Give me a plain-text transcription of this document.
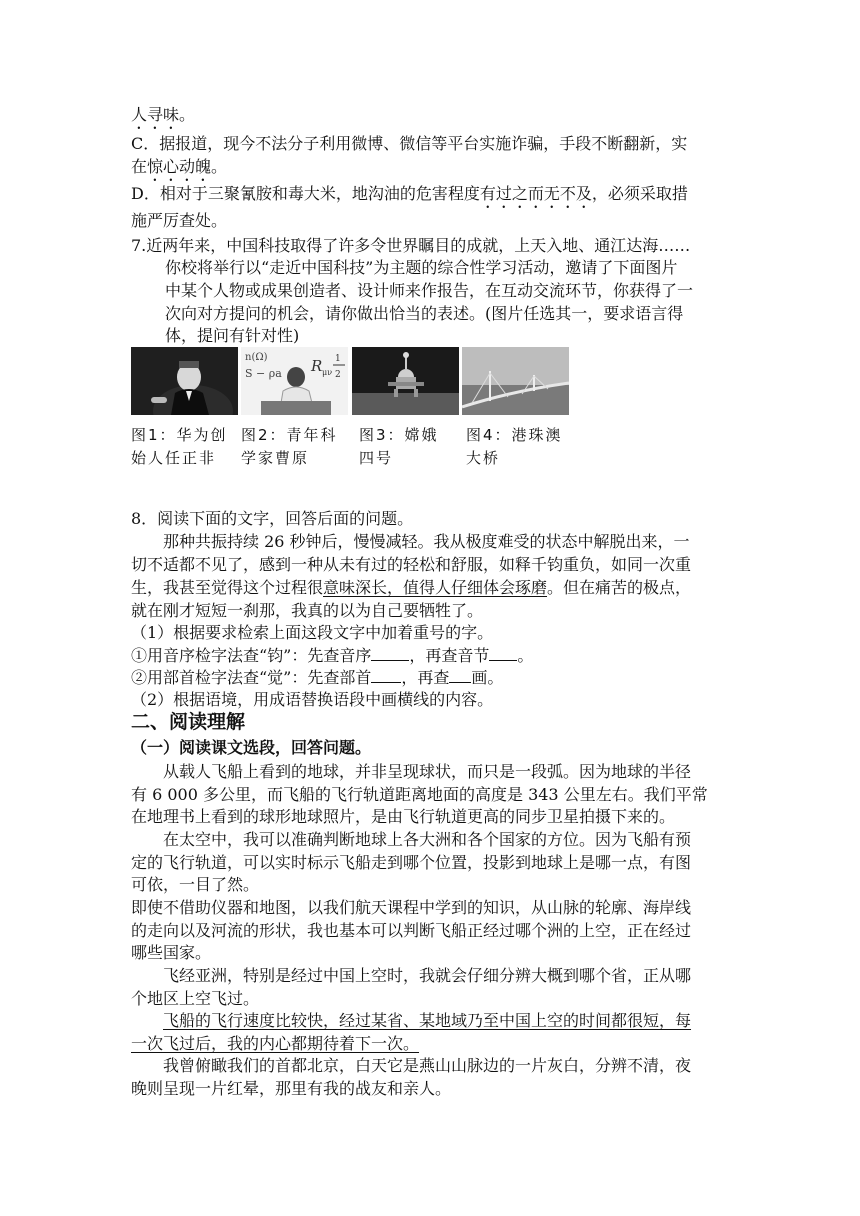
人寻味。
C．据报道，现今不法分子利用微博、微信等平台实施诈骗，手段不断翻新，实
在惊心动魄。
D．相对于三聚氰胺和毒大米，地沟油的危害程度有过之而无不及，必须采取措
施严厉查处。
7.近两年来，中国科技取得了许多令世界瞩目的成就，上天入地、通江达海……
你校将举行以“走近中国科技”为主题的综合性学习活动，邀请了下面图片
中某个人物或成果创造者、设计师来作报告，在互动交流环节，你获得了一
次向对方提问的机会，请你做出恰当的表述。(图片任选其一，要求语言得
体，提问有针对性)
n(Ω)
S − ρa R μν
1
2
图1：华为创始人任正非
图2：青年科学家曹原
图3：嫦娥四号
图4：港珠澳大桥
8．阅读下面的文字，回答后面的问题。
那种共振持续 26 秒钟后，慢慢减轻。我从极度难受的状态中解脱出来，一
切不适都不见了，感到一种从未有过的轻松和舒服，如释千钧重负，如同一次重
生，我甚至觉得这个过程很意味深长，值得人仔细体会琢磨。但在痛苦的极点，
就在刚才短短一刹那，我真的以为自己要牺牲了。
（1）根据要求检索上面这段文字中加着重号的字。
①用音序检字法查“钧”：先查音序 ，再查音节 。
②用部首检字法查“觉”：先查部首 ，再查 画。
（2）根据语境，用成语替换语段中画横线的内容。
二、阅读理解
（一）阅读课文选段，回答问题。
从载人飞船上看到的地球，并非呈现球状，而只是一段弧。因为地球的半径
有 6 000 多公里，而飞船的飞行轨道距离地面的高度是 343 公里左右。我们平常
在地理书上看到的球形地球照片，是由飞行轨道更高的同步卫星拍摄下来的。
在太空中，我可以准确判断地球上各大洲和各个国家的方位。因为飞船有预
定的飞行轨道，可以实时标示飞船走到哪个位置，投影到地球上是哪一点，有图
可依，一目了然。
即使不借助仪器和地图，以我们航天课程中学到的知识，从山脉的轮廓、海岸线
的走向以及河流的形状，我也基本可以判断飞船正经过哪个洲的上空，正在经过
哪些国家。
飞经亚洲，特别是经过中国上空时，我就会仔细分辨大概到哪个省，正从哪
个地区上空飞过。
飞船的飞行速度比较快，经过某省、某地域乃至中国上空的时间都很短，每
一次飞过后，我的内心都期待着下一次。
我曾俯瞰我们的首都北京，白天它是燕山山脉边的一片灰白，分辨不清，夜
晚则呈现一片红晕，那里有我的战友和亲人。
